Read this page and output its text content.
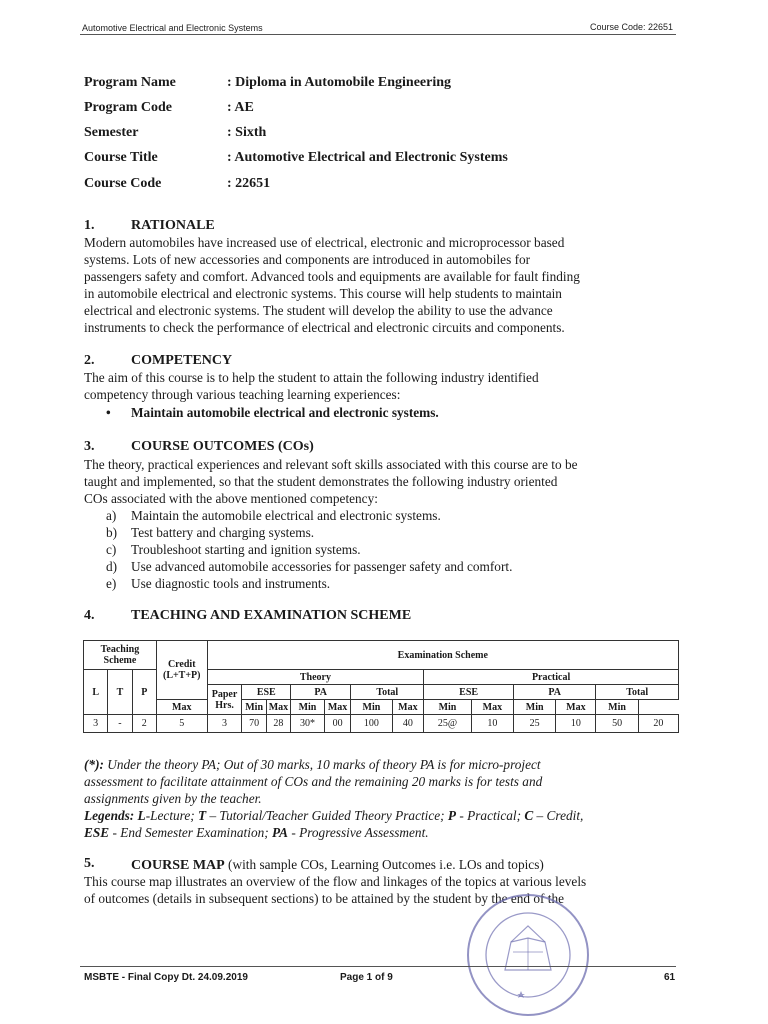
Automotive Electrical and Electronic Systems	Course Code: 22651
Program Name	: Diploma in Automobile Engineering
Program Code	: AE
Semester	: Sixth
Course Title	: Automotive Electrical and Electronic Systems
Course Code	: 22651
1.	RATIONALE
Modern automobiles have increased use of electrical, electronic and microprocessor based
systems. Lots of new accessories and components are introduced in automobiles for
passengers safety and comfort. Advanced tools and equipments are available for fault finding
in automobile electrical and electronic systems. This course will help students to maintain
electrical and electronic systems. The student will develop the ability to use the advance
instruments to check the performance of electrical and electronic circuits and components.
2.	COMPETENCY
The aim of this course is to help the student to attain the following industry identified
competency through various teaching learning experiences:
• Maintain automobile electrical and electronic systems.
3.	COURSE OUTCOMES (COs)
The theory, practical experiences and relevant soft skills associated with this course are to be
taught and implemented, so that the student demonstrates the following industry oriented
COs associated with the above mentioned competency:
a) Maintain the automobile electrical and electronic systems.
b) Test battery and charging systems.
c) Troubleshoot starting and ignition systems.
d) Use advanced automobile accessories for passenger safety and comfort.
e) Use diagnostic tools and instruments.
4.	TEACHING AND EXAMINATION SCHEME
Teaching Scheme			Credit (L+T+P)	Examination Scheme												
L	T	P		Theory							Practical					
				Paper Hrs.	ESE		PA		Total		ESE		PA		Total	
			Max		Min	Max	Min	Max	Min	Max	Min	Max	Min	Max	Min	
3	-	2	5	3	70	28	30*	00	100	40	25@	10	25	10	50	20
(*): Under the theory PA; Out of 30 marks, 10 marks of theory PA is for micro-project
assessment to facilitate attainment of COs and the remaining 20 marks is for tests and
assignments given by the teacher.
Legends: L-Lecture; T – Tutorial/Teacher Guided Theory Practice; P - Practical; C – Credit,
ESE - End Semester Examination; PA - Progressive Assessment.
5.	COURSE MAP (with sample COs, Learning Outcomes i.e. LOs and topics)
This course map illustrates an overview of the flow and linkages of the topics at various levels
of outcomes (details in subsequent sections) to be attained by the student by the end of the
MSBTE - Final Copy Dt. 24.09.2019	Page 1 of 9	61
